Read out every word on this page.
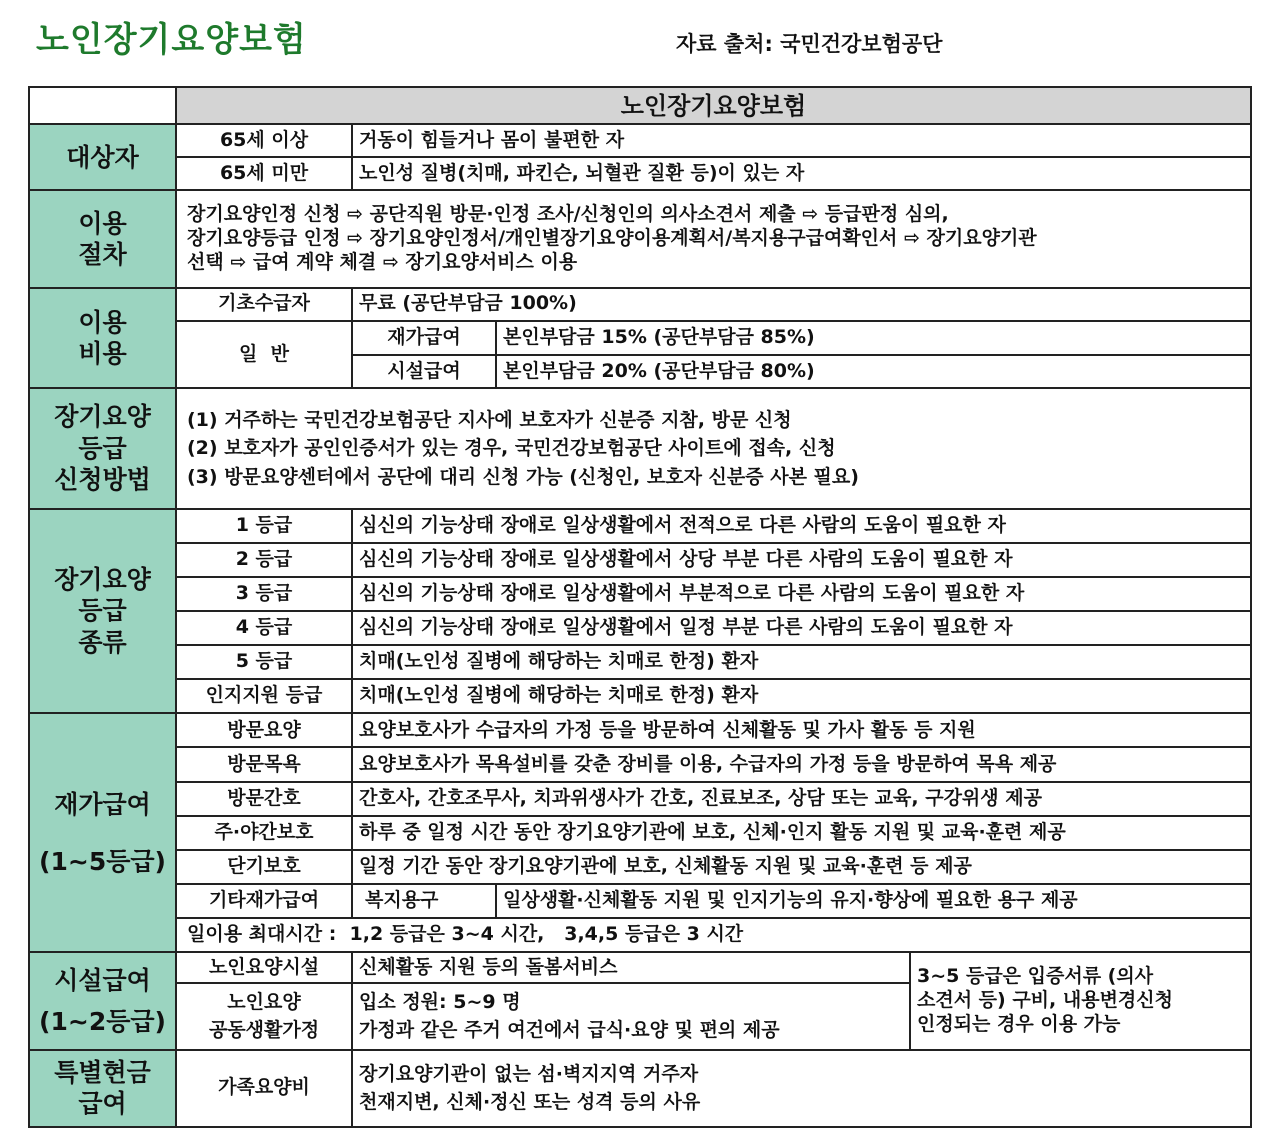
노인장기요양보험	자료 출처: 국민건강보험공단
	노인장기요양보험			
대상자	65세 이상	거동이 힘들거나 몸이 불편한 자		
	65세 미만	노인성 질병(치매, 파킨슨, 뇌혈관 질환 등)이 있는 자		

이용
절차	장기요양인정 신청 ⇨ 공단직원 방문·인정 조사/신청인의 의사소견서 제출 ⇨ 등급판정 심의,
장기요양등급 인정 ⇨ 장기요양인정서/개인별장기요양이용계획서/복지용구급여확인서 ⇨ 장기요양기관
선택 ⇨ 급여 계약 체결 ⇨ 장기요양서비스 이용			

이용
비용	기초수급자	무료 (공단부담금 100%)		
	일  반	재가급여	본인부담금 15% (공단부담금 85%)	
		시설급여	본인부담금 20% (공단부담금 80%)	

장기요양
등급
신청방법	(1) 거주하는 국민건강보험공단 지사에 보호자가 신분증 지참, 방문 신청
(2) 보호자가 공인인증서가 있는 경우, 국민건강보험공단 사이트에 접속, 신청
(3) 방문요양센터에서 공단에 대리 신청 가능 (신청인, 보호자 신분증 사본 필요)			

장기요양
등급
종류	1 등급	심신의 기능상태 장애로 일상생활에서 전적으로 다른 사람의 도움이 필요한 자		
	2 등급	심신의 기능상태 장애로 일상생활에서 상당 부분 다른 사람의 도움이 필요한 자		
	3 등급	심신의 기능상태 장애로 일상생활에서 부분적으로 다른 사람의 도움이 필요한 자		
	4 등급	심신의 기능상태 장애로 일상생활에서 일정 부분 다른 사람의 도움이 필요한 자		
	5 등급	치매(노인성 질병에 해당하는 치매로 한정) 환자		
	인지지원 등급	치매(노인성 질병에 해당하는 치매로 한정) 환자		

재가급여
(1~5등급)	방문요양	요양보호사가 수급자의 가정 등을 방문하여 신체활동 및 가사 활동 등 지원		
	방문목욕	요양보호사가 목욕설비를 갖춘 장비를 이용, 수급자의 가정 등을 방문하여 목욕 제공		
	방문간호	간호사, 간호조무사, 치과위생사가 간호, 진료보조, 상담 또는 교육, 구강위생 제공		
	주·야간보호	하루 중 일정 시간 동안 장기요양기관에 보호, 신체·인지 활동 지원 및 교육·훈련 제공		
	단기보호	일정 기간 동안 장기요양기관에 보호, 신체활동 지원 및 교육·훈련 등 제공		
	기타재가급여	복지용구	일상생활·신체활동 지원 및 인지기능의 유지·향상에 필요한 용구 제공	
	일이용 최대시간 :  1,2 등급은 3~4 시간,   3,4,5 등급은 3 시간			

시설급여
(1~2등급)	노인요양시설	신체활동 지원 등의 돌봄서비스		3~5 등급은 입증서류 (의사
소견서 등) 구비, 내용변경신청
인정되는 경우 이용 가능

	노인요양
공동생활가정	입소 정원: 5~9 명
가정과 같은 주거 여건에서 급식·요양 및 편의 제공		

특별현금
급여	가족요양비	장기요양기관이 없는 섬·벽지지역 거주자
천재지변, 신체·정신 또는 성격 등의 사유		
